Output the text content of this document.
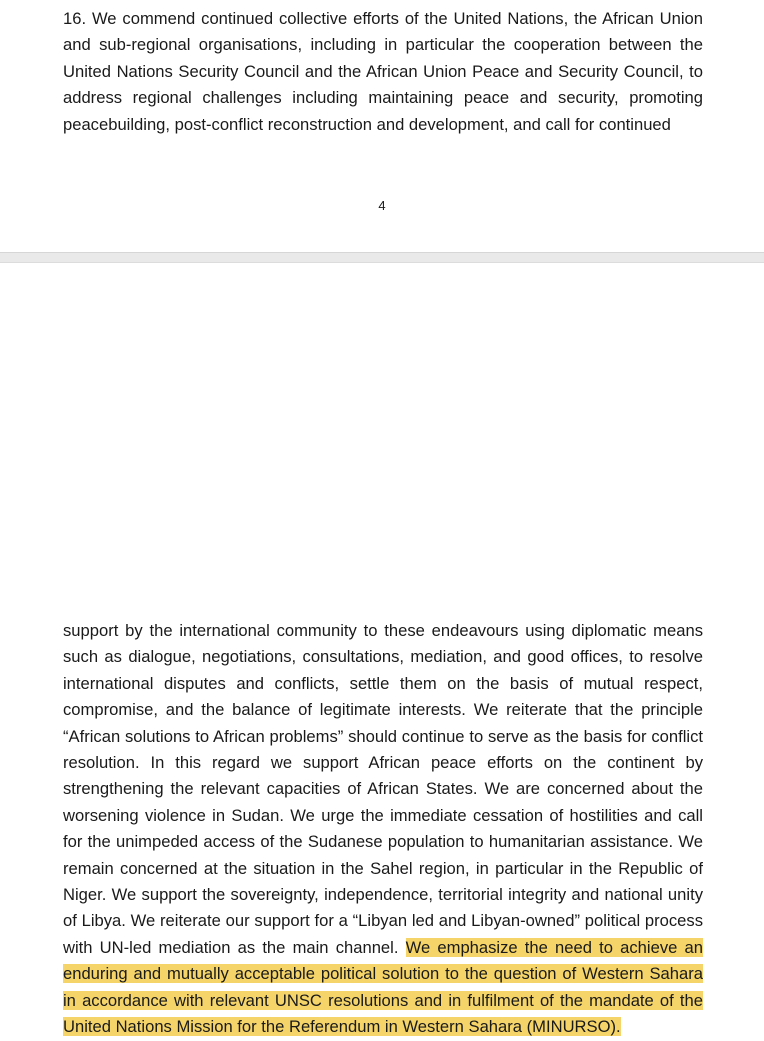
16. We commend continued collective efforts of the United Nations, the African Union and sub-regional organisations, including in particular the cooperation between the United Nations Security Council and the African Union Peace and Security Council, to address regional challenges including maintaining peace and security, promoting peacebuilding, post-conflict reconstruction and development, and call for continued

4

support by the international community to these endeavours using diplomatic means such as dialogue, negotiations, consultations, mediation, and good offices, to resolve international disputes and conflicts, settle them on the basis of mutual respect, compromise, and the balance of legitimate interests. We reiterate that the principle “African solutions to African problems” should continue to serve as the basis for conflict resolution. In this regard we support African peace efforts on the continent by strengthening the relevant capacities of African States. We are concerned about the worsening violence in Sudan. We urge the immediate cessation of hostilities and call for the unimpeded access of the Sudanese population to humanitarian assistance. We remain concerned at the situation in the Sahel region, in particular in the Republic of Niger. We support the sovereignty, independence, territorial integrity and national unity of Libya. We reiterate our support for a “Libyan led and Libyan-owned” political process with UN-led mediation as the main channel. We emphasize the need to achieve an enduring and mutually acceptable political solution to the question of Western Sahara in accordance with relevant UNSC resolutions and in fulfilment of the mandate of the United Nations Mission for the Referendum in Western Sahara (MINURSO).
